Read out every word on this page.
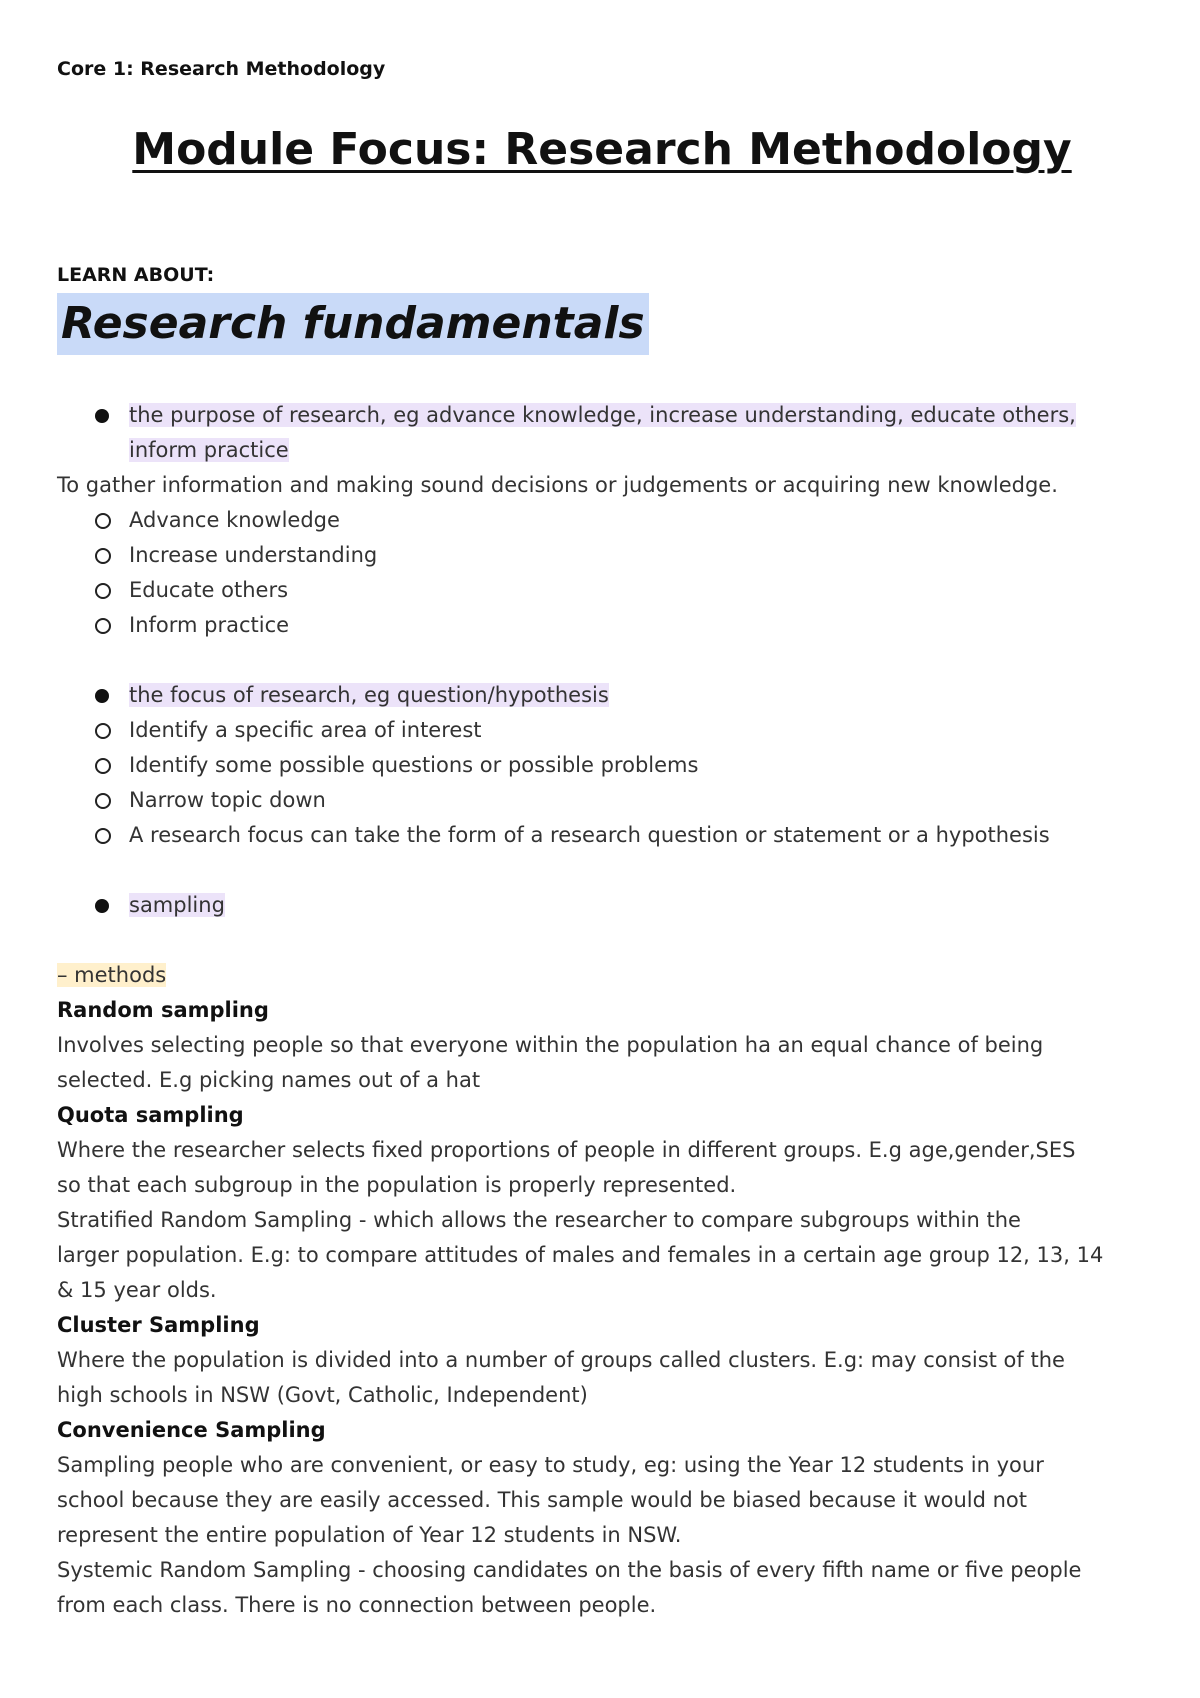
Core 1: Research Methodology
Module Focus: Research Methodology
LEARN ABOUT:
Research fundamentals
the purpose of research, eg advance knowledge, increase understanding, educate others,
inform practice

To gather information and making sound decisions or judgements or acquiring new knowledge.

Advance knowledge
Increase understanding
Educate others
Inform practice
the focus of research, eg question/hypothesis
Identify a specific area of interest
Identify some possible questions or possible problems
Narrow topic down
A research focus can take the form of a research question or statement or a hypothesis
sampling

– methods

Random sampling

Involves selecting people so that everyone within the population ha an equal chance of being

selected. E.g picking names out of a hat

Quota sampling

Where the researcher selects fixed proportions of people in different groups. E.g age,gender,SES

so that each subgroup in the population is properly represented.

Stratified Random Sampling - which allows the researcher to compare subgroups within the

larger population. E.g: to compare attitudes of males and females in a certain age group 12, 13, 14

& 15 year olds.

Cluster Sampling

Where the population is divided into a number of groups called clusters. E.g: may consist of the

high schools in NSW (Govt, Catholic, Independent)

Convenience Sampling

Sampling people who are convenient, or easy to study, eg: using the Year 12 students in your

school because they are easily accessed. This sample would be biased because it would not

represent the entire population of Year 12 students in NSW.

Systemic Random Sampling - choosing candidates on the basis of every fifth name or five people

from each class. There is no connection between people.
